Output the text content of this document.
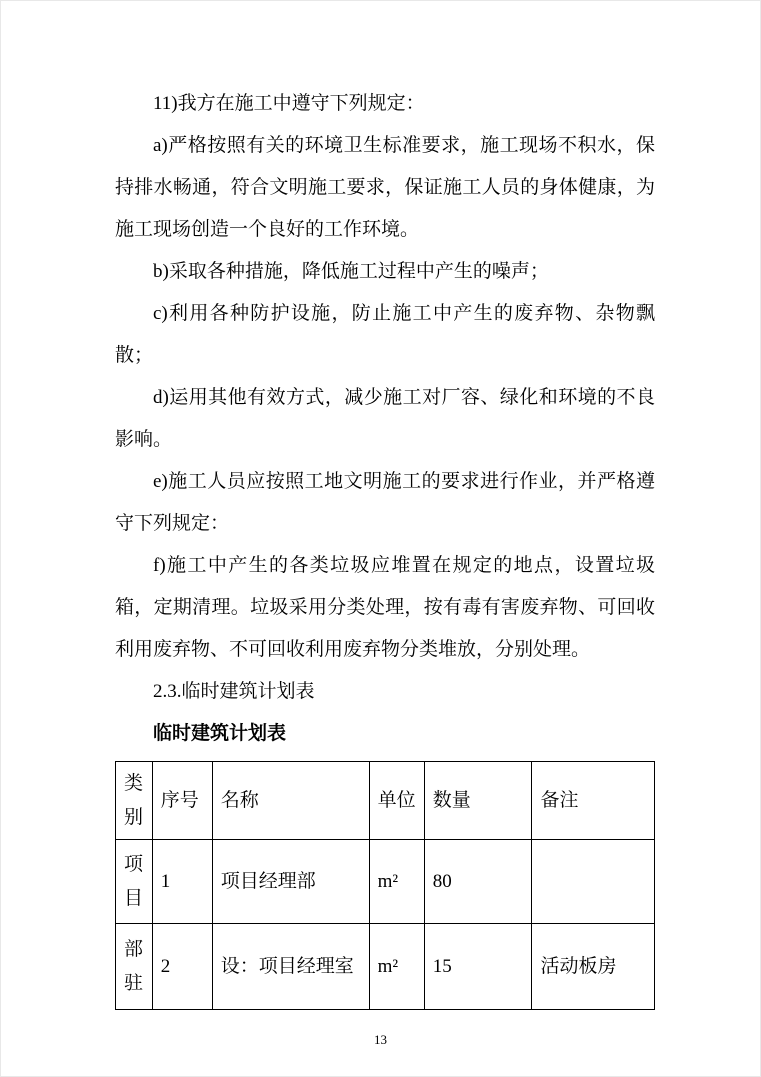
11)我方在施工中遵守下列规定：

a)严格按照有关的环境卫生标准要求，施工现场不积水，保持排水畅通，符合文明施工要求，保证施工人员的身体健康，为施工现场创造一个良好的工作环境。

b)采取各种措施，降低施工过程中产生的噪声；

c)利用各种防护设施，防止施工中产生的废弃物、杂物飘散；

d)运用其他有效方式，减少施工对厂容、绿化和环境的不良影响。

e)施工人员应按照工地文明施工的要求进行作业，并严格遵守下列规定：

f)施工中产生的各类垃圾应堆置在规定的地点，设置垃圾箱，定期清理。垃圾采用分类处理，按有毒有害废弃物、可回收利用废弃物、不可回收利用废弃物分类堆放，分别处理。

2.3.临时建筑计划表

临时建筑计划表

类别	序号	名称	单位	数量	备注
项目	1	项目经理部	m²	80	
部驻	2	设：项目经理室	m²	15	活动板房
13
